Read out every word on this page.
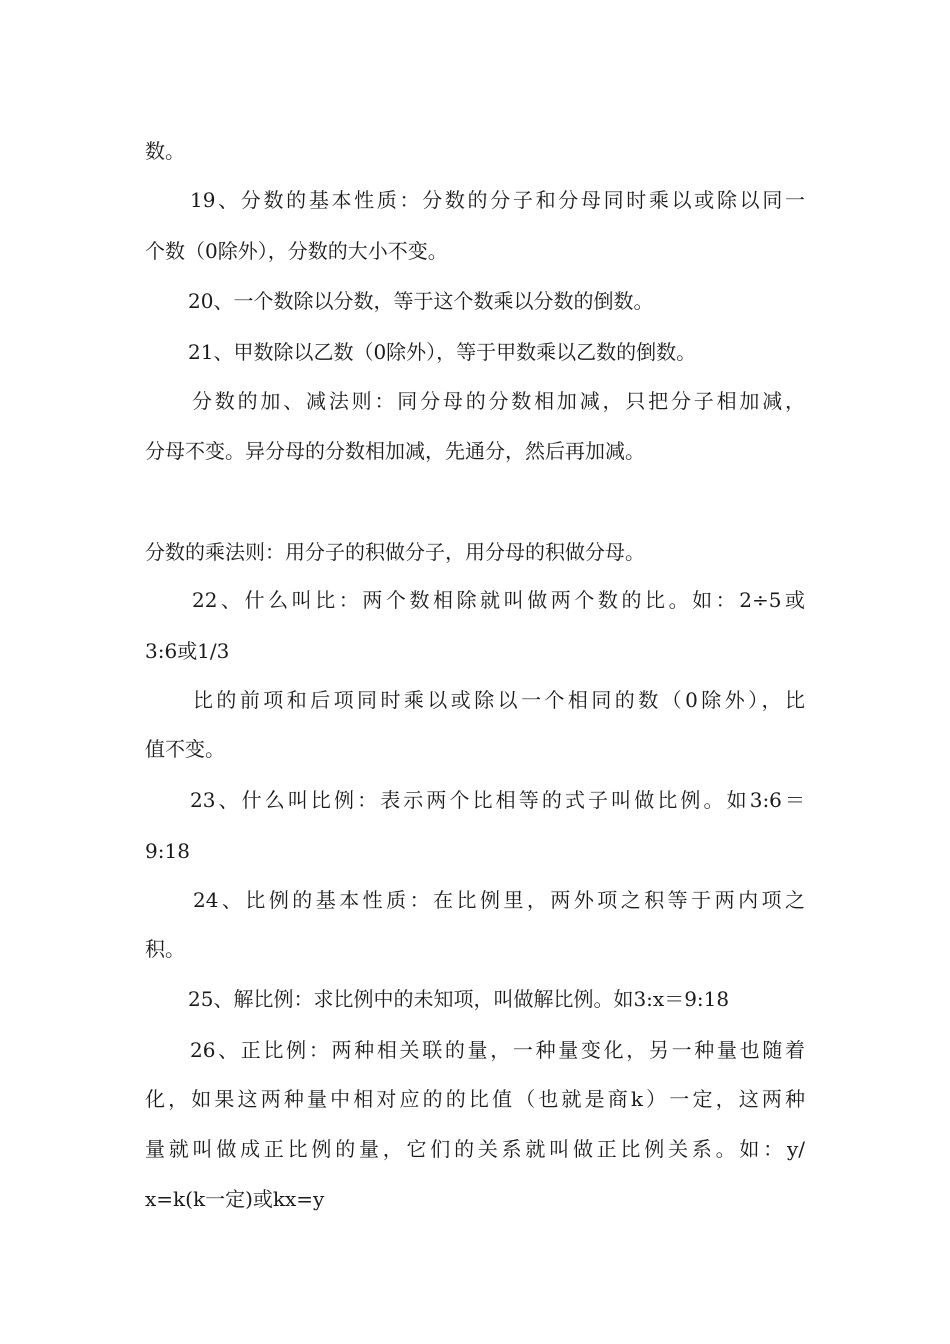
数。
19、分数的基本性质：分数的分子和分母同时乘以或除以同一
个数（0除外），分数的大小不变。
20、一个数除以分数，等于这个数乘以分数的倒数。
21、甲数除以乙数（0除外），等于甲数乘以乙数的倒数。
分数的加、减法则：同分母的分数相加减，只把分子相加减，
分母不变。异分母的分数相加减，先通分，然后再加减。
分数的乘法则：用分子的积做分子，用分母的积做分母。
22、什么叫比：两个数相除就叫做两个数的比。如：2÷5或
3:6或1/3
比的前项和后项同时乘以或除以一个相同的数（0除外），比
值不变。
23、什么叫比例：表示两个比相等的式子叫做比例。如3:6＝
9:18
24、比例的基本性质：在比例里，两外项之积等于两内项之
积。
25、解比例：求比例中的未知项，叫做解比例。如3:x＝9:18
26、正比例：两种相关联的量，一种量变化，另一种量也随着
化，如果这两种量中相对应的的比值（也就是商k）一定，这两种
量就叫做成正比例的量，它们的关系就叫做正比例关系。如：y/
x=k(k一定)或kx=y
